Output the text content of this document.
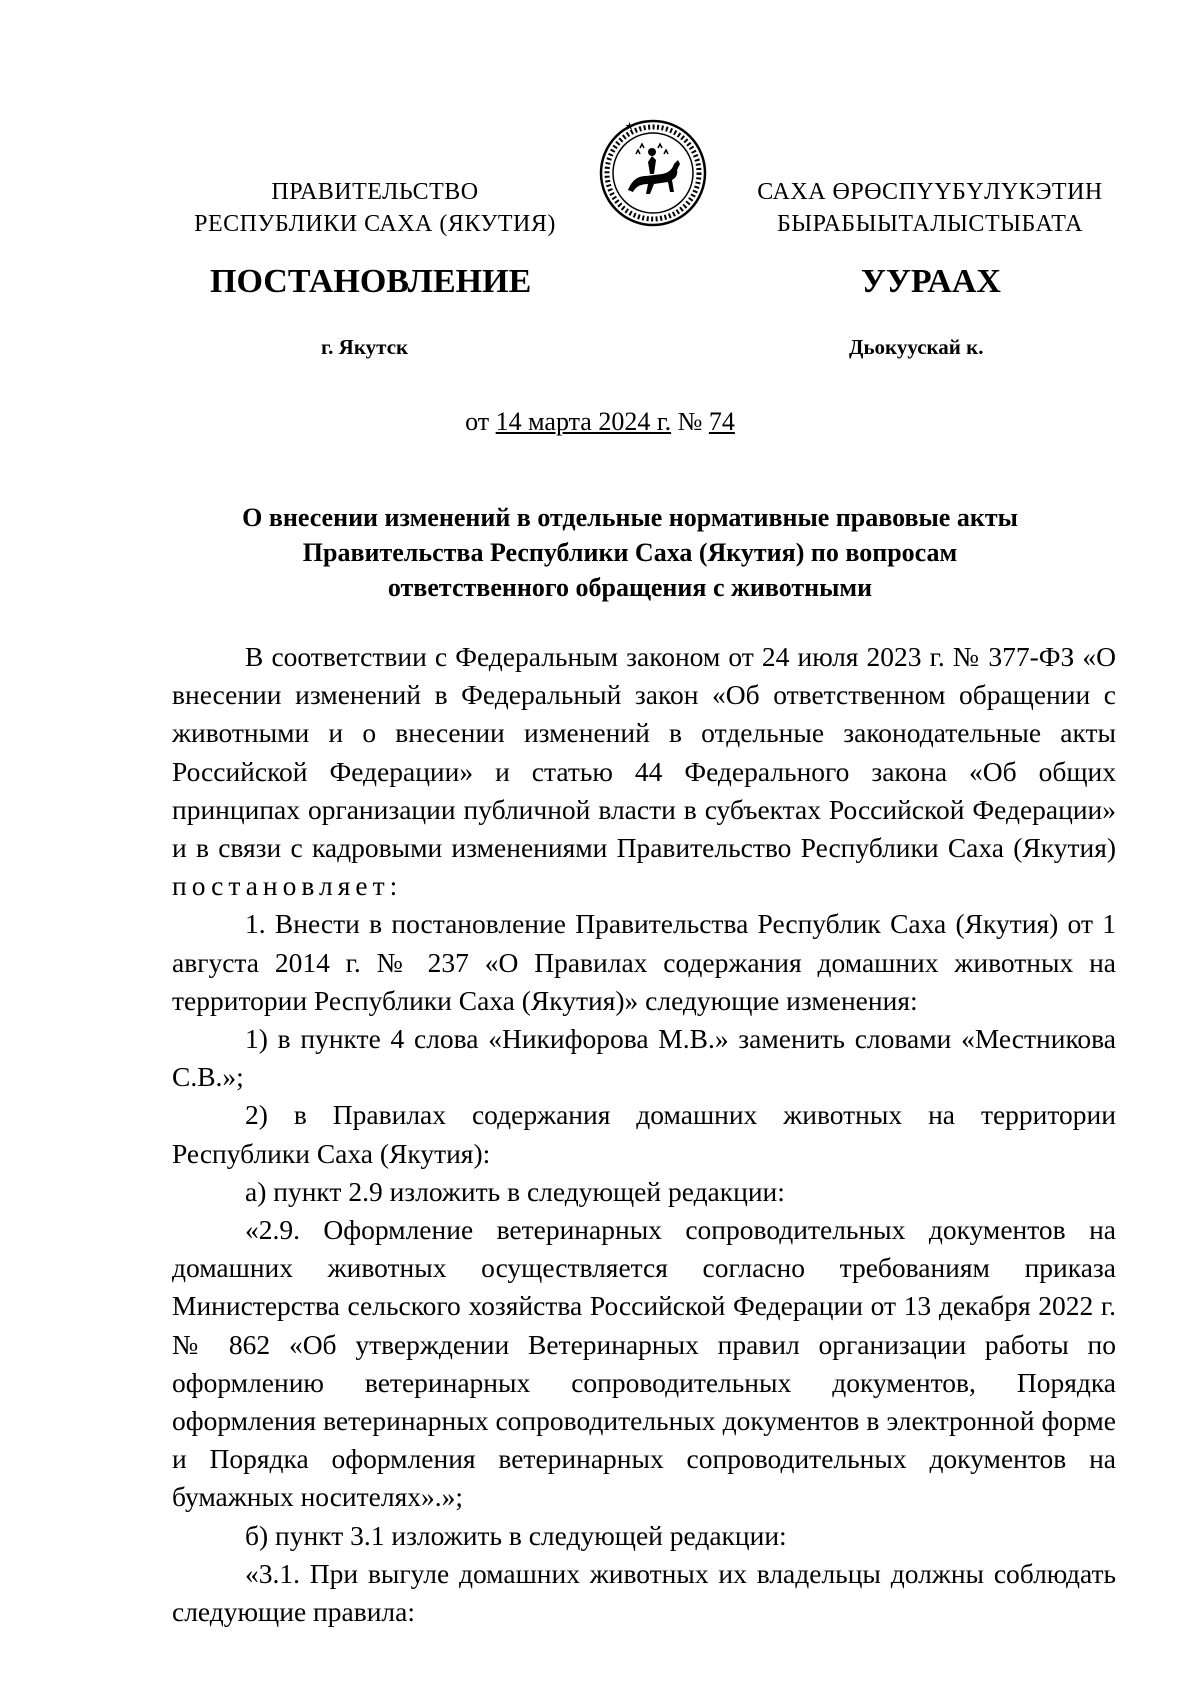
ПРАВИТЕЛЬСТВО
РЕСПУБЛИКИ САХА (ЯКУТИЯ)
САХА ӨРӨСПҮҮБҮЛҮКЭТИН
БЫРАБЫЫТАЛЫСТЫБАТА
ПОСТАНОВЛЕНИЕ	УУРААХ
г. Якутск	Дьокуускай к.
от 14 марта 2024 г. № 74
О внесении изменений в отдельные нормативные правовые акты
Правительства Республики Саха (Якутия) по вопросам
ответственного обращения с животными

В соответствии с Федеральным законом от 24 июля 2023 г. № 377-ФЗ «О внесении изменений в Федеральный закон «Об ответственном обращении с животными и о внесении изменений в отдельные законодательные акты Российской Федерации» и статью 44 Федерального закона «Об общих принципах организации публичной власти в субъектах Российской Федерации» и в связи с кадровыми изменениями Правительство Республики Саха (Якутия) постановляет:

1. Внести в постановление Правительства Республик Саха (Якутия) от 1 августа 2014 г. № 237 «О Правилах содержания домашних животных на территории Республики Саха (Якутия)» следующие изменения:

1) в пункте 4 слова «Никифорова М.В.» заменить словами «Местникова С.В.»;

2) в Правилах содержания домашних животных на территории Республики Саха (Якутия):

а) пункт 2.9 изложить в следующей редакции:

«2.9. Оформление ветеринарных сопроводительных документов на домашних животных осуществляется согласно требованиям приказа Министерства сельского хозяйства Российской Федерации от 13 декабря 2022 г. № 862 «Об утверждении Ветеринарных правил организации работы по оформлению ветеринарных сопроводительных документов, Порядка оформления ветеринарных сопроводительных документов в электронной форме и Порядка оформления ветеринарных сопроводительных документов на бумажных носителях».»;

б) пункт 3.1 изложить в следующей редакции:

«3.1. При выгуле домашних животных их владельцы должны соблюдать следующие правила:
